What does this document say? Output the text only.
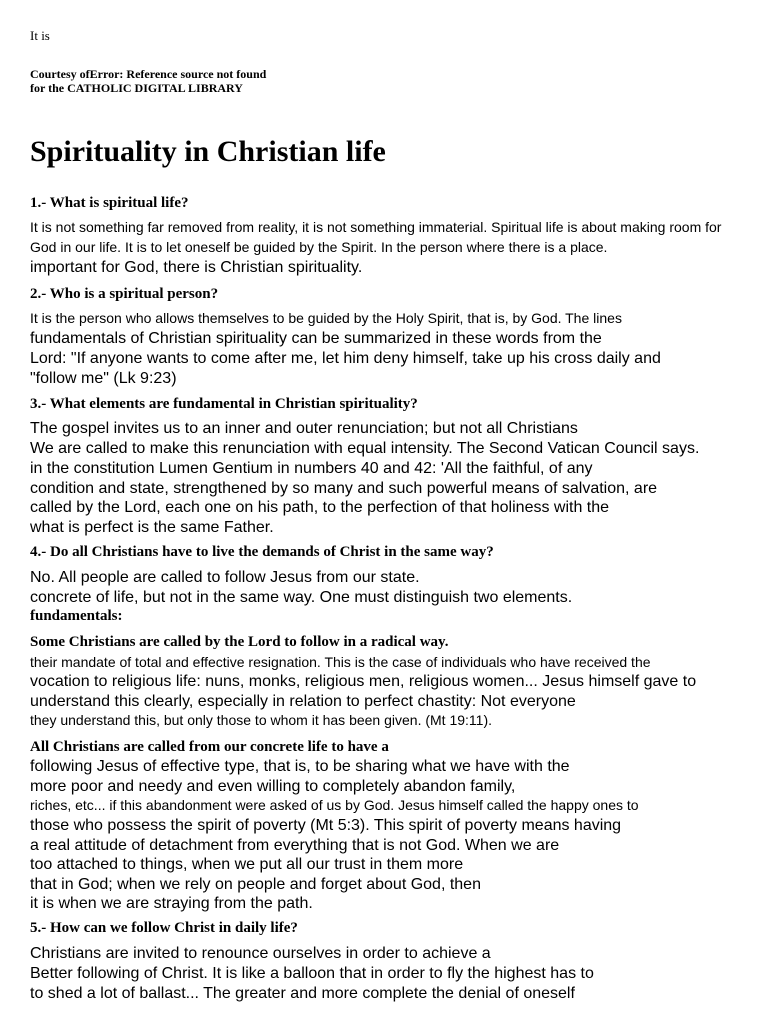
It is

Courtesy ofError: Reference source not found

for the CATHOLIC DIGITAL LIBRARY

Spirituality in Christian life

1.- What is spiritual life?

It is not something far removed from reality, it is not something immaterial. Spiritual life is about making room for

God in our life. It is to let oneself be guided by the Spirit. In the person where there is a place.

important for God, there is Christian spirituality.

2.- Who is a spiritual person?

It is the person who allows themselves to be guided by the Holy Spirit, that is, by God. The lines

fundamentals of Christian spirituality can be summarized in these words from the

Lord: "If anyone wants to come after me, let him deny himself, take up his cross daily and

"follow me" (Lk 9:23)

3.- What elements are fundamental in Christian spirituality?

The gospel invites us to an inner and outer renunciation; but not all Christians

We are called to make this renunciation with equal intensity. The Second Vatican Council says.

in the constitution Lumen Gentium in numbers 40 and 42: 'All the faithful, of any

condition and state, strengthened by so many and such powerful means of salvation, are

called by the Lord, each one on his path, to the perfection of that holiness with the

what is perfect is the same Father.

4.- Do all Christians have to live the demands of Christ in the same way?

No. All people are called to follow Jesus from our state.

concrete of life, but not in the same way. One must distinguish two elements.

fundamentals:

Some Christians are called by the Lord to follow in a radical way.

their mandate of total and effective resignation. This is the case of individuals who have received the

vocation to religious life: nuns, monks, religious men, religious women... Jesus himself gave to

understand this clearly, especially in relation to perfect chastity: Not everyone

they understand this, but only those to whom it has been given. (Mt 19:11).

All Christians are called from our concrete life to have a

following Jesus of effective type, that is, to be sharing what we have with the

more poor and needy and even willing to completely abandon family,

riches, etc... if this abandonment were asked of us by God. Jesus himself called the happy ones to

those who possess the spirit of poverty (Mt 5:3). This spirit of poverty means having

a real attitude of detachment from everything that is not God. When we are

too attached to things, when we put all our trust in them more

that in God; when we rely on people and forget about God, then

it is when we are straying from the path.

5.- How can we follow Christ in daily life?

Christians are invited to renounce ourselves in order to achieve a

Better following of Christ. It is like a balloon that in order to fly the highest has to

to shed a lot of ballast... The greater and more complete the denial of oneself
